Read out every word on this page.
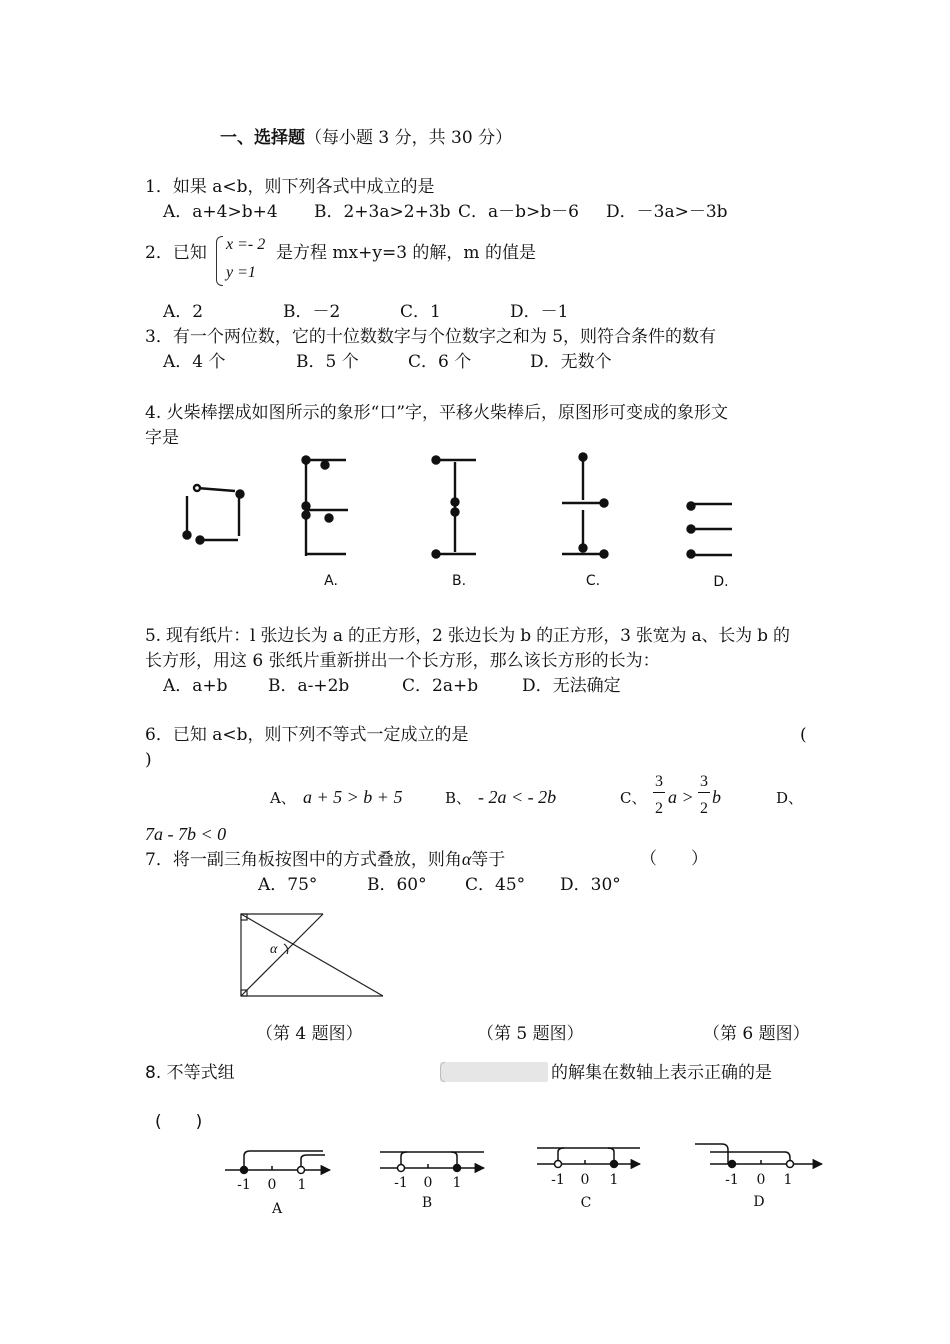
一、选择题（每小题 3 分，共 30 分）
1．如果 a<b，则下列各式中成立的是
A．a+4>b+4 B．2+3a>2+3b C．a－b>b－6 D．－3a>－3b
2．已知 x =- 2
y =1
是方程 mx+y=3 的解，m 的值是
A．2	B．－2	C．1	D．－1
3．有一个两位数，它的十位数数字与个位数字之和为 5，则符合条件的数有
A．4 个	B．5 个	C．6 个	D．无数个
4. 火柴棒摆成如图所示的象形“口”字，平移火柴棒后，原图形可变成的象形文
字是
A.	B.	C.	D.
5. 现有纸片：l 张边长为 a 的正方形，2 张边长为 b 的正方形，3 张宽为 a、长为 b 的
长方形，用这 6 张纸片重新拼出一个长方形，那么该长方形的长为：
A．a+b B．a-+2b	C．2a+b	D．无法确定
6．已知 a<b，则下列不等式一定成立的是	(
)
A、 a + 5 > b + 5	B、 - 2a < - 2b	C、
3
2
a >
3
2
b	D、
7a - 7b < 0
7．将一副三角板按图中的方式叠放，则角α等于	（　　）
A．75°	B．60° C．45° D．30°
α
（第 4 题图）	（第 5 题图）	（第 6 题图）
8. 不等式组	的解集在数轴上表示正确的是
(　　)
-1	0	1
A
-1	0	1
B
-1	0	1
C
-1	0	1
D
